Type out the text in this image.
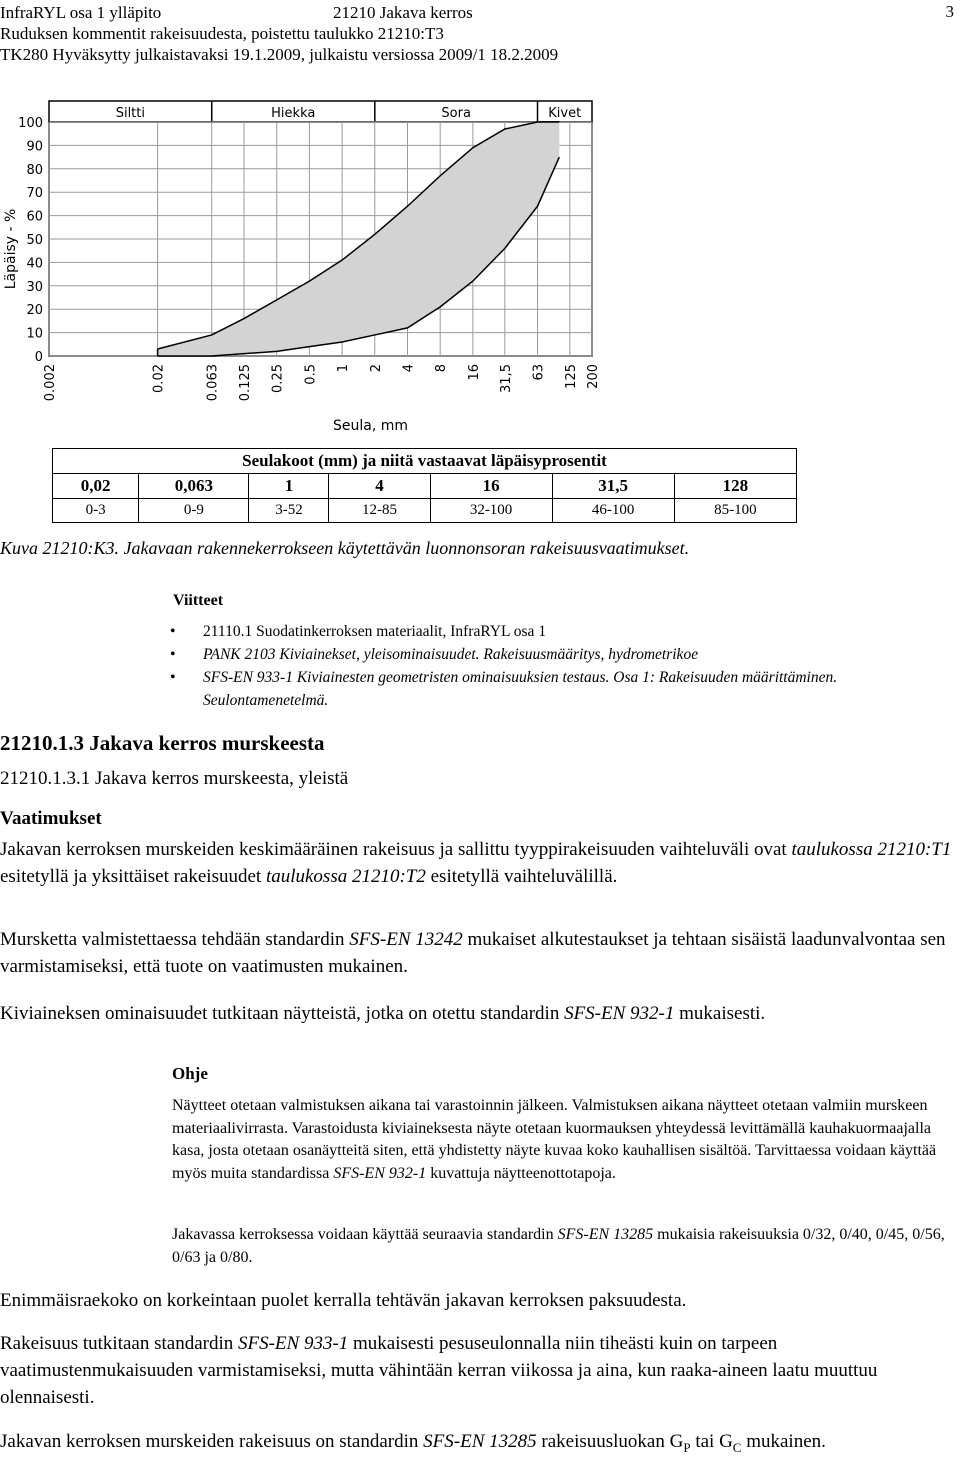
InfraRYL osa 1 ylläpito	21210 Jakava kerros	3
Ruduksen kommentit rakeisuudesta, poistettu taulukko 21210:T3
TK280 Hyväksytty julkaistavaksi 19.1.2009, julkaistu versiossa 2009/1 18.2.2009
Siltti	Hiekka	Sora	Kivet
0
10
20
30
40
50
60
70
80
90
100
0.002	0.02	0.063 0.125 0.25 0.5 1 2 4 8 16 31,5 63 125 200
Läpäisy - %
Seula, mm
Seulakoot (mm) ja niitä vastaavat läpäisyprosentit						
0,02	0,063	1	4	16	31,5	128
0-3	0-9	3-52	12-85	32-100	46-100	85-100
Kuva 21210:K3. Jakavaan rakennekerrokseen käytettävän luonnonsoran rakeisuusvaatimukset.
Viitteet
• 21110.1 Suodatinkerroksen materiaalit, InfraRYL osa 1
• PANK 2103 Kiviainekset, yleisominaisuudet. Rakeisuusmääritys, hydrometrikoe
• SFS-EN 933-1 Kiviainesten geometristen ominaisuuksien testaus. Osa 1: Rakeisuuden määrittäminen. Seulontamenetelmä.
21210.1.3 Jakava kerros murskeesta
21210.1.3.1 Jakava kerros murskeesta, yleistä
Vaatimukset
Jakavan kerroksen murskeiden keskimääräinen rakeisuus ja sallittu tyyppirakeisuuden vaihteluväli ovat taulukossa 21210:T1 esitetyllä ja yksittäiset rakeisuudet taulukossa 21210:T2 esitetyllä vaihteluvälillä.
Mursketta valmistettaessa tehdään standardin SFS-EN 13242 mukaiset alkutestaukset ja tehtaan sisäistä laadunvalvontaa sen varmistamiseksi, että tuote on vaatimusten mukainen.
Kiviaineksen ominaisuudet tutkitaan näytteistä, jotka on otettu standardin SFS-EN 932-1 mukaisesti.
Ohje
Näytteet otetaan valmistuksen aikana tai varastoinnin jälkeen. Valmistuksen aikana näytteet otetaan valmiin murskeen materiaalivirrasta. Varastoidusta kiviaineksesta näyte otetaan kuormauksen yhteydessä levittämällä kauhakuormaajalla kasa, josta otetaan osanäytteitä siten, että yhdistetty näyte kuvaa koko kauhallisen sisältöä. Tarvittaessa voidaan käyttää myös muita standardissa SFS-EN 932-1 kuvattuja näytteenottotapoja.
Jakavassa kerroksessa voidaan käyttää seuraavia standardin SFS-EN 13285 mukaisia rakeisuuksia 0/32, 0/40, 0/45, 0/56, 0/63 ja 0/80.
Enimmäisraekoko on korkeintaan puolet kerralla tehtävän jakavan kerroksen paksuudesta.
Rakeisuus tutkitaan standardin SFS-EN 933-1 mukaisesti pesuseulonnalla niin tiheästi kuin on tarpeen vaatimustenmukaisuuden varmistamiseksi, mutta vähintään kerran viikossa ja aina, kun raaka-aineen laatu muuttuu olennaisesti.
Jakavan kerroksen murskeiden rakeisuus on standardin SFS-EN 13285 rakeisuusluokan $G_P$ tai $G_C$ mukainen.
